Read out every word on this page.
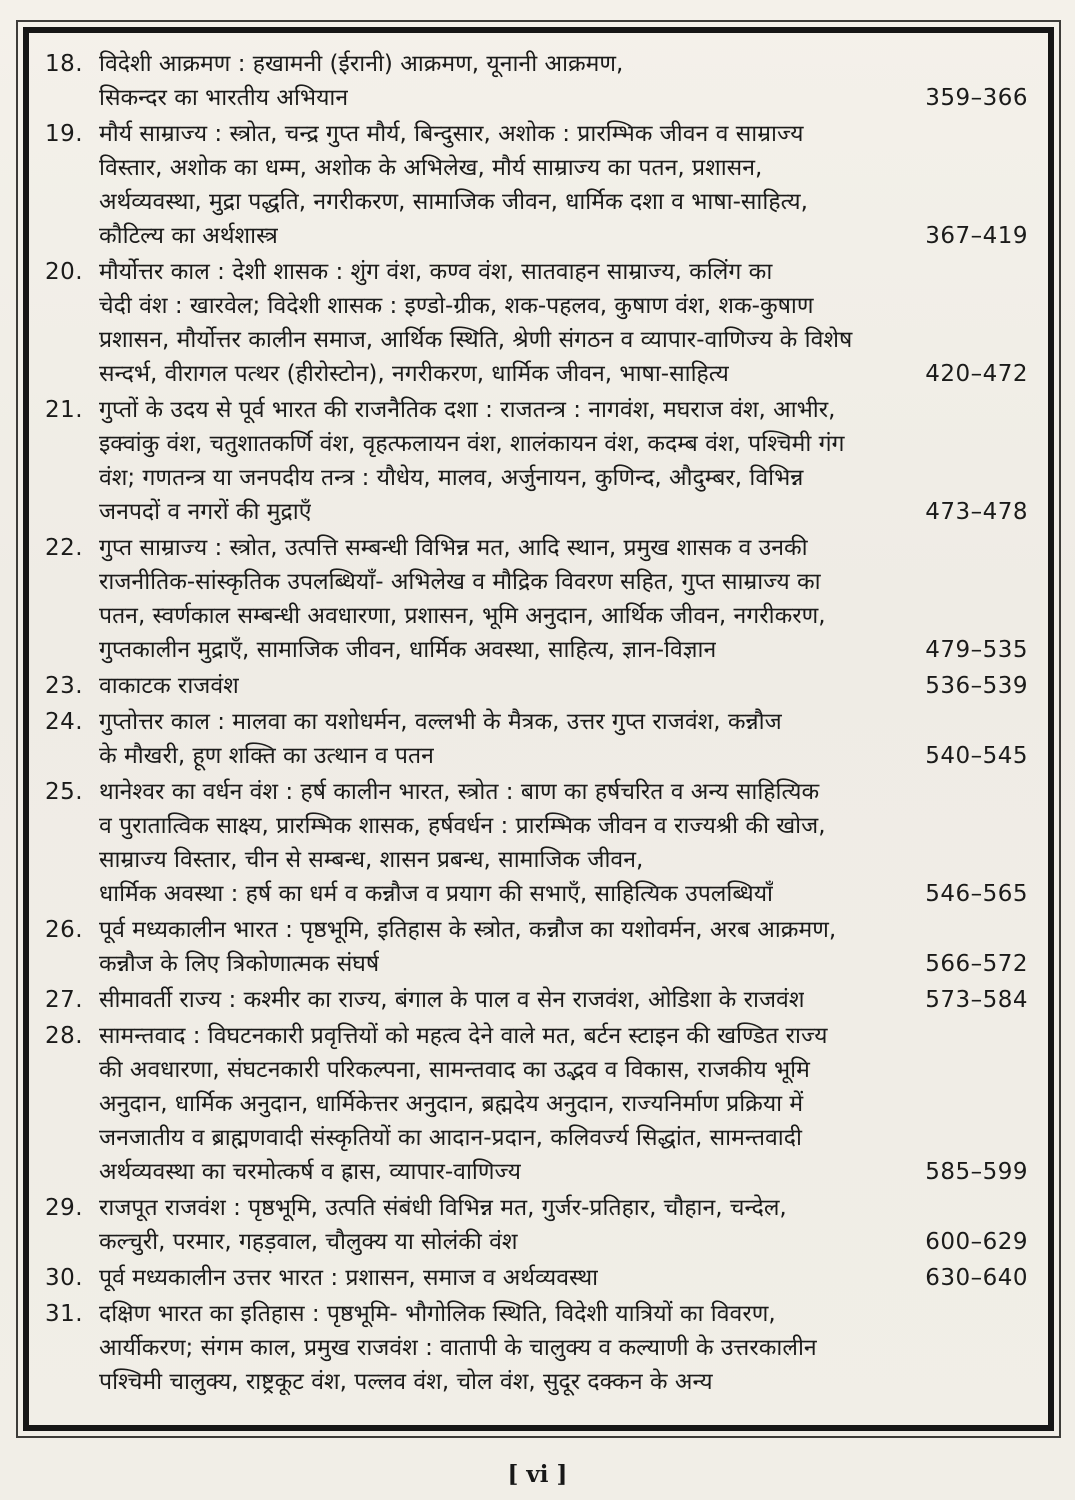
18. विदेशी आक्रमण : हखामनी (ईरानी) आक्रमण, यूनानी आक्रमण,
सिकन्दर का भारतीय अभियान	359–366
19. मौर्य साम्राज्य : स्त्रोत, चन्द्र गुप्त मौर्य, बिन्दुसार, अशोक : प्रारम्भिक जीवन व साम्राज्य
विस्तार, अशोक का धम्म, अशोक के अभिलेख, मौर्य साम्राज्य का पतन, प्रशासन,
अर्थव्यवस्था, मुद्रा पद्धति, नगरीकरण, सामाजिक जीवन, धार्मिक दशा व भाषा-साहित्य,
कौटिल्य का अर्थशास्त्र	367–419
20. मौर्योत्तर काल : देशी शासक : शुंग वंश, कण्व वंश, सातवाहन साम्राज्य, कलिंग का
चेदी वंश : खारवेल; विदेशी शासक : इण्डो-ग्रीक, शक-पहलव, कुषाण वंश, शक-कुषाण
प्रशासन, मौर्योत्तर कालीन समाज, आर्थिक स्थिति, श्रेणी संगठन व व्यापार-वाणिज्य के विशेष
सन्दर्भ, वीरागल पत्थर (हीरोस्टोन), नगरीकरण, धार्मिक जीवन, भाषा-साहित्य	420–472
21. गुप्तों के उदय से पूर्व भारत की राजनैतिक दशा : राजतन्त्र : नागवंश, मघराज वंश, आभीर,
इक्वांकु वंश, चतुशातकर्णि वंश, वृहत्फलायन वंश, शालंकायन वंश, कदम्ब वंश, पश्चिमी गंग
वंश; गणतन्त्र या जनपदीय तन्त्र : यौधेय, मालव, अर्जुनायन, कुणिन्द, औदुम्बर, विभिन्न
जनपदों व नगरों की मुद्राएँ	473–478
22. गुप्त साम्राज्य : स्त्रोत, उत्पत्ति सम्बन्धी विभिन्न मत, आदि स्थान, प्रमुख शासक व उनकी
राजनीतिक-सांस्कृतिक उपलब्धियाँ- अभिलेख व मौद्रिक विवरण सहित, गुप्त साम्राज्य का
पतन, स्वर्णकाल सम्बन्धी अवधारणा, प्रशासन, भूमि अनुदान, आर्थिक जीवन, नगरीकरण,
गुप्तकालीन मुद्राएँ, सामाजिक जीवन, धार्मिक अवस्था, साहित्य, ज्ञान-विज्ञान	479–535
23. वाकाटक राजवंश	536–539
24. गुप्तोत्तर काल : मालवा का यशोधर्मन, वल्लभी के मैत्रक, उत्तर गुप्त राजवंश, कन्नौज
के मौखरी, हूण शक्ति का उत्थान व पतन	540–545
25. थानेश्वर का वर्धन वंश : हर्ष कालीन भारत, स्त्रोत : बाण का हर्षचरित व अन्य साहित्यिक
व पुरातात्विक साक्ष्य, प्रारम्भिक शासक, हर्षवर्धन : प्रारम्भिक जीवन व राज्यश्री की खोज,
साम्राज्य विस्तार, चीन से सम्बन्ध, शासन प्रबन्ध, सामाजिक जीवन,
धार्मिक अवस्था : हर्ष का धर्म व कन्नौज व प्रयाग की सभाएँ, साहित्यिक उपलब्धियाँ	546–565
26. पूर्व मध्यकालीन भारत : पृष्ठभूमि, इतिहास के स्त्रोत, कन्नौज का यशोवर्मन, अरब आक्रमण,
कन्नौज के लिए त्रिकोणात्मक संघर्ष	566–572
27. सीमावर्ती राज्य : कश्मीर का राज्य, बंगाल के पाल व सेन राजवंश, ओडिशा के राजवंश	573–584
28. सामन्तवाद : विघटनकारी प्रवृत्तियों को महत्व देने वाले मत, बर्टन स्टाइन की खण्डित राज्य
की अवधारणा, संघटनकारी परिकल्पना, सामन्तवाद का उद्भव व विकास, राजकीय भूमि
अनुदान, धार्मिक अनुदान, धार्मिकेत्तर अनुदान, ब्रह्मदेय अनुदान, राज्यनिर्माण प्रक्रिया में
जनजातीय व ब्राह्मणवादी संस्कृतियों का आदान-प्रदान, कलिवर्ज्य सिद्धांत, सामन्तवादी
अर्थव्यवस्था का चरमोत्कर्ष व ह्रास, व्यापार-वाणिज्य	585–599
29. राजपूत राजवंश : पृष्ठभूमि, उत्पति संबंधी विभिन्न मत, गुर्जर-प्रतिहार, चौहान, चन्देल,
कल्चुरी, परमार, गहड़वाल, चौलुक्य या सोलंकी वंश	600–629
30. पूर्व मध्यकालीन उत्तर भारत : प्रशासन, समाज व अर्थव्यवस्था	630–640
31. दक्षिण भारत का इतिहास : पृष्ठभूमि- भौगोलिक स्थिति, विदेशी यात्रियों का विवरण,
आर्यीकरण; संगम काल, प्रमुख राजवंश : वातापी के चालुक्य व कल्याणी के उत्तरकालीन
पश्चिमी चालुक्य, राष्ट्रकूट वंश, पल्लव वंश, चोल वंश, सुदूर दक्कन के अन्य
[ vi ]
